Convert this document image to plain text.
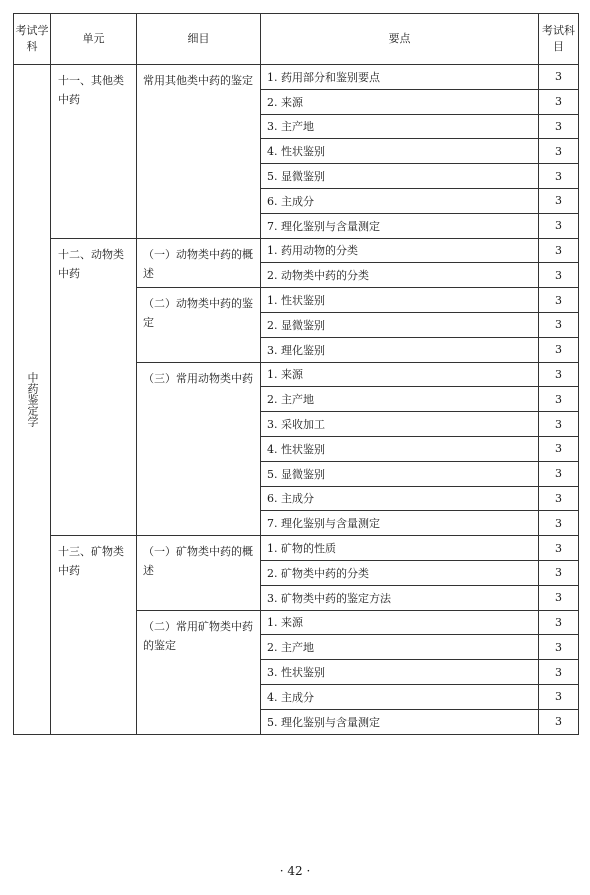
考试学科	单元	细目	要点	考试科目

中药鉴定学	十一、其他类中药	常用其他类中药的鉴定	1. 药用部分和鉴别要点	3
			2. 来源	3
			3. 主产地	3
			4. 性状鉴别	3
			5. 显微鉴别	3
			6. 主成分	3
			7. 理化鉴别与含量测定	3
	十二、动物类中药	（一）动物类中药的概述	1. 药用动物的分类	3
			2. 动物类中药的分类	3
		（二）动物类中药的鉴定	1. 性状鉴别	3
			2. 显微鉴别	3
			3. 理化鉴别	3
		（三）常用动物类中药	1. 来源	3
			2. 主产地	3
			3. 采收加工	3
			4. 性状鉴别	3
			5. 显微鉴别	3
			6. 主成分	3
			7. 理化鉴别与含量测定	3
	十三、矿物类中药	（一）矿物类中药的概述	1. 矿物的性质	3
			2. 矿物类中药的分类	3
			3. 矿物类中药的鉴定方法	3
		（二）常用矿物类中药的鉴定	1. 来源	3
			2. 主产地	3
			3. 性状鉴别	3
			4. 主成分	3
			5. 理化鉴别与含量测定	3
· 42 ·
